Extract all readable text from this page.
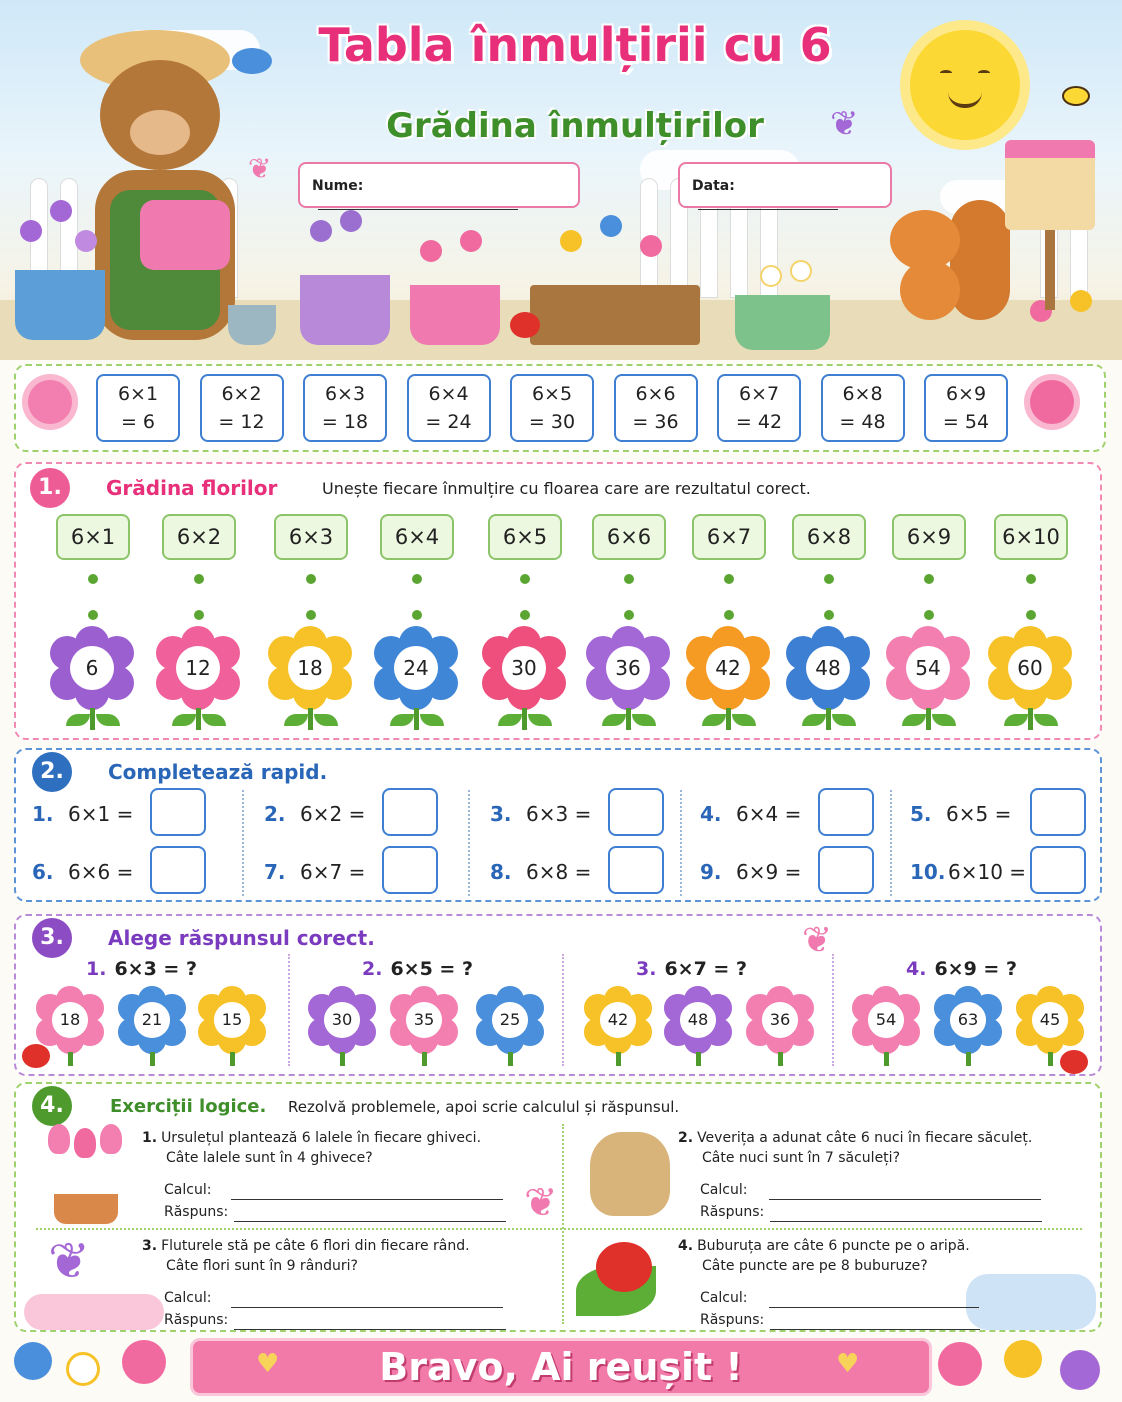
❦
❦
Tabla înmulțirii cu 6
Grădina înmulțirilor
Nume:	Data:
6×1
= 6
6×2
= 12
6×3
= 18
6×4
= 24
6×5
= 30
6×6
= 36
6×7
= 42
6×8
= 48
6×9
= 54
1.	Grădina florilor	Unește fiecare înmulțire cu floarea care are rezultatul corect.
6×1	6×2	6×3	6×4	6×5	6×6	6×7	6×8	6×9	6×10
6	12	18	24	30	36	42	48	54	60
2.	Completează rapid.
1. 6×1 =	2. 6×2 =	3. 6×3 =	4. 6×4 =	5. 6×5 =
6. 6×6 =	7. 6×7 =	8. 6×8 =	9. 6×9 =	10. 6×10 =
3.	Alege răspunsul corect.	❦
1. 6×3 = ?
18	21	15
2. 6×5 = ?
30	35	25
3. 6×7 = ?
42	48	36
4. 6×9 = ?
54	63	45
4.	Exerciții logice. Rezolvă problemele, apoi scrie calculul și răspunsul.
❦
❦
1. Ursulețul plantează 6 lalele în fiecare ghiveci.
Câte lalele sunt în 4 ghivece?
Calcul:
Răspuns:
2. Veverița a adunat câte 6 nuci în fiecare săculeț.
Câte nuci sunt în 7 săculeți?
Calcul:
Răspuns:
3. Fluturele stă pe câte 6 flori din fiecare rând.
Câte flori sunt în 9 rânduri?
Calcul:
Răspuns:
4. Buburuța are câte 6 puncte pe o aripă.
Câte puncte are pe 8 buburuze?
Calcul:
Răspuns:
Bravo, Ai reușit !
♥	♥
